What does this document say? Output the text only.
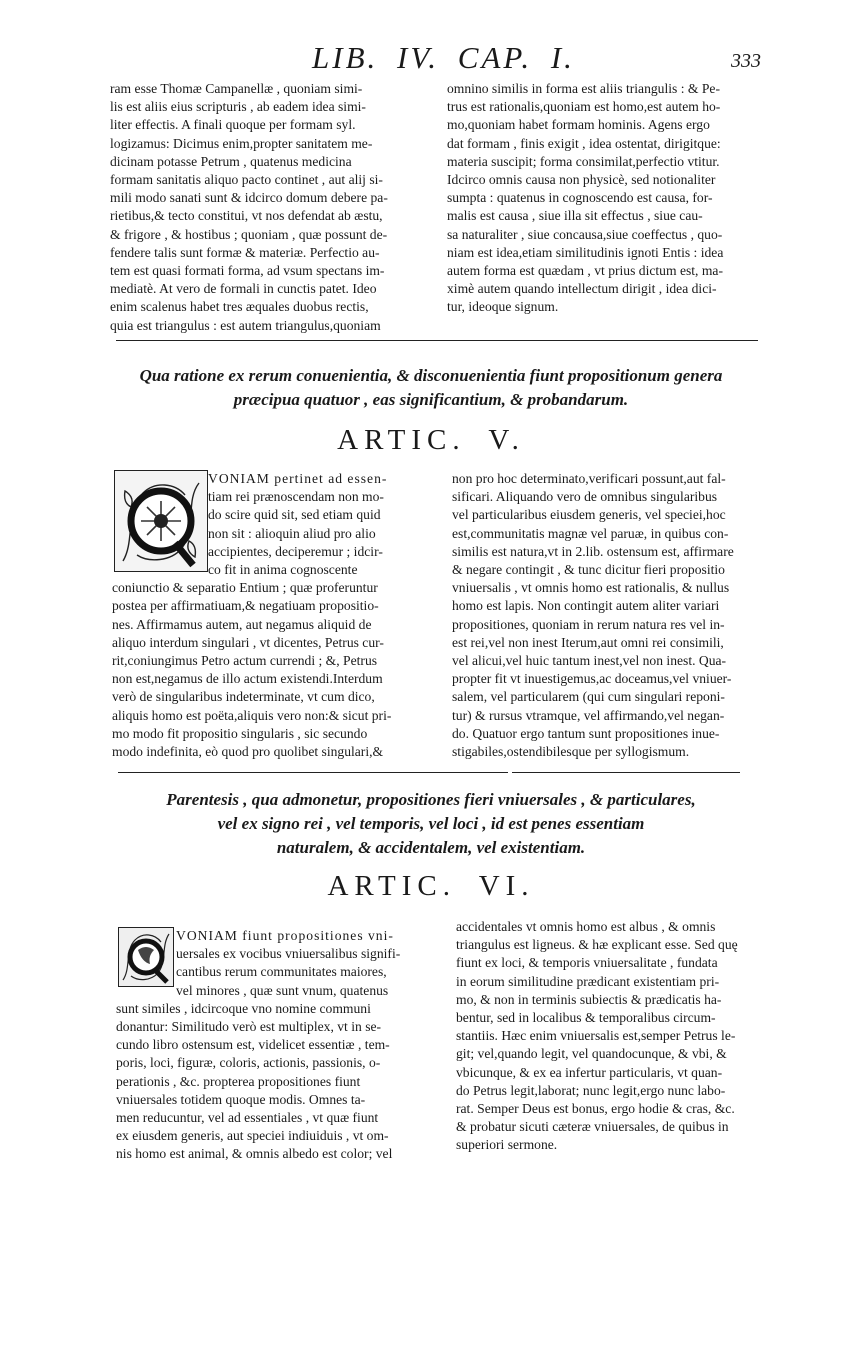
LIB. IV. CAP. I.	333
ram esse Thomæ Campanellæ , quoniam simi-
lis est aliis eius scripturis , ab eadem idea simi-
liter effectis. A finali quoque per formam syl.
logizamus: Dicimus enim,propter sanitatem me-
dicinam potasse Petrum , quatenus medicina
formam sanitatis aliquo pacto continet , aut alij si-
mili modo sanati sunt & idcirco domum debere pa-
rietibus,& tecto constitui, vt nos defendat ab æstu,
& frigore , & hostibus ; quoniam , quæ possunt de-
fendere talis sunt formæ & materiæ. Perfectio au-
tem est quasi formati forma, ad vsum spectans im-
mediatè. At vero de formali in cunctis patet. Ideo
enim scalenus habet tres æquales duobus rectis,
quia est triangulus : est autem triangulus,quoniam
omnino similis in forma est aliis triangulis : & Pe-
trus est rationalis,quoniam est homo,est autem ho-
mo,quoniam habet formam hominis. Agens ergo
dat formam , finis exigit , idea ostentat, dirigitque:
materia suscipit; forma consimilat,perfectio vtitur.
Idcirco omnis causa non physicè, sed notionaliter
sumpta : quatenus in cognoscendo est causa, for-
malis est causa , siue illa sit effectus , siue cau-
sa naturaliter , siue concausa,siue coeffectus , quo-
niam est idea,etiam similitudinis ignoti Entis : idea
autem forma est quædam , vt prius dictum est, ma-
ximè autem quando intellectum dirigit , idea dici-
tur, ideoque signum.
Qua ratione ex rerum conuenientia, & disconuenientia fiunt propositionum genera
præcipua quatuor , eas significantium, & probandarum.
ARTIC. V.
VONIAM pertinet ad essen-
tiam rei prænoscendam non mo-
do scire quid sit, sed etiam quid
non sit : alioquin aliud pro alio
accipientes, deciperemur ; idcir-
co fit in anima cognoscente
coniunctio & separatio Entium ; quæ proferuntur
postea per affirmatiuam,& negatiuam propositio-
nes. Affirmamus autem, aut negamus aliquid de
aliquo interdum singulari , vt dicentes, Petrus cur-
rit,coniungimus Petro actum currendi ; &, Petrus
non est,negamus de illo actum existendi.Interdum
verò de singularibus indeterminate, vt cum dico,
aliquis homo est poëta,aliquis vero non:& sicut pri-
mo modo fit propositio singularis , sic secundo
modo indefinita, eò quod pro quolibet singulari,&
non pro hoc determinato,verificari possunt,aut fal-
sificari. Aliquando vero de omnibus singularibus
vel particularibus eiusdem generis, vel speciei,hoc
est,communitatis magnæ vel paruæ, in quibus con-
similis est natura,vt in 2.lib. ostensum est, affirmare
& negare contingit , & tunc dicitur fieri propositio
vniuersalis , vt omnis homo est rationalis, & nullus
homo est lapis. Non contingit autem aliter variari
propositiones, quoniam in rerum natura res vel in-
est rei,vel non inest Iterum,aut omni rei consimili,
vel alicui,vel huic tantum inest,vel non inest. Qua-
propter fit vt inuestigemus,ac doceamus,vel vniuer-
salem, vel particularem (qui cum singulari reponi-
tur) & rursus vtramque, vel affirmando,vel negan-
do. Quatuor ergo tantum sunt propositiones inue-
stigabiles,ostendibilesque per syllogismum.
Parentesis , qua admonetur, propositiones fieri vniuersales , & particulares,
vel ex signo rei , vel temporis, vel loci , id est penes essentiam
naturalem, & accidentalem, vel existentiam.
ARTIC. VI.
VONIAM fiunt propositiones vni-
uersales ex vocibus vniuersalibus signifi-
cantibus rerum communitates maiores,
vel minores , quæ sunt vnum, quatenus
sunt similes , idcircoque vno nomine communi
donantur: Similitudo verò est multiplex, vt in se-
cundo libro ostensum est, videlicet essentiæ , tem-
poris, loci, figuræ, coloris, actionis, passionis, o-
perationis , &c. propterea propositiones fiunt
vniuersales totidem quoque modis. Omnes ta-
men reducuntur, vel ad essentiales , vt quæ fiunt
ex eiusdem generis, aut speciei indiuiduis , vt om-
nis homo est animal, & omnis albedo est color; vel
accidentales vt omnis homo est albus , & omnis
triangulus est ligneus. & hæ explicant esse. Sed quę
fiunt ex loci, & temporis vniuersalitate , fundata
in eorum similitudine prædicant existentiam pri-
mo, & non in terminis subiectis & prædicatis ha-
bentur, sed in localibus & temporalibus circum-
stantiis. Hæc enim vniuersalis est,semper Petrus le-
git; vel,quando legit, vel quandocunque, & vbi, &
vbicunque, & ex ea infertur particularis, vt quan-
do Petrus legit,laborat; nunc legit,ergo nunc labo-
rat. Semper Deus est bonus, ergo hodie & cras, &c.
& probatur sicuti cæteræ vniuersales, de quibus in
superiori sermone.
